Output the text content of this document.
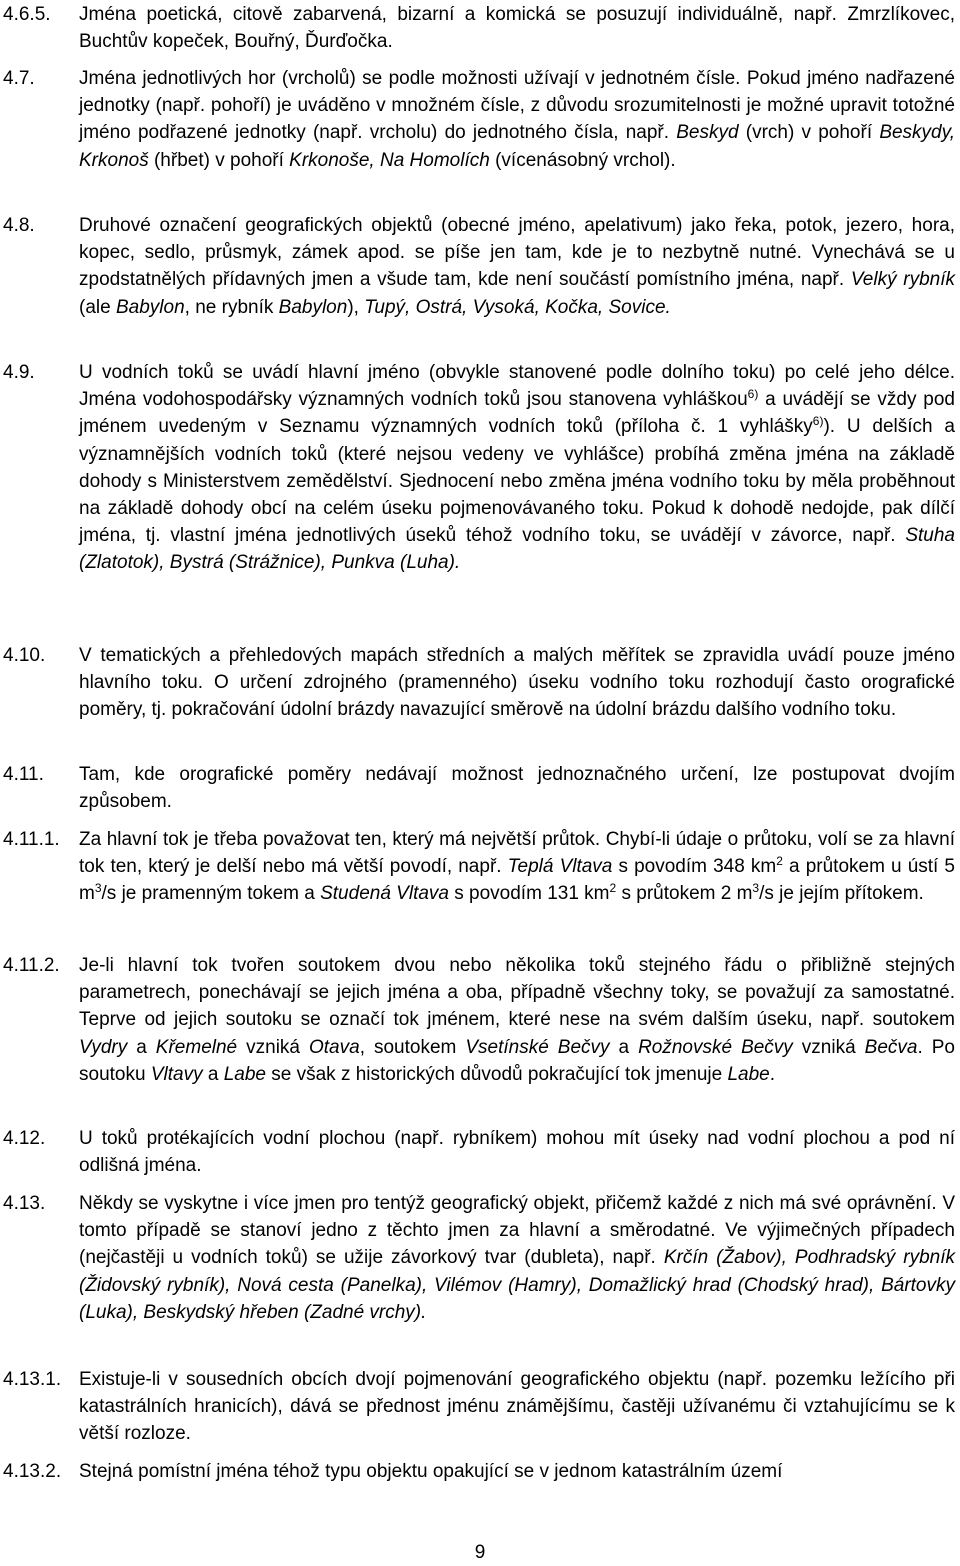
4.6.5. Jména poetická, citově zabarvená, bizarní a komická se posuzují individuálně, např. Zmrzlíkovec, Buchtův kopeček, Bouřný, Ďurďočka.
4.7. Jména jednotlivých hor (vrcholů) se podle možnosti užívají v jednotném čísle. Pokud jméno nadřazené jednotky (např. pohoří) je uváděno v množném čísle, z důvodu srozumitelnosti je možné upravit totožné jméno podřazené jednotky (např. vrcholu) do jednotného čísla, např. Beskyd (vrch) v pohoří Beskydy, Krkonoš (hřbet) v pohoří Krkonoše, Na Homolích (vícenásobný vrchol).
4.8. Druhové označení geografických objektů (obecné jméno, apelativum) jako řeka, potok, jezero, hora, kopec, sedlo, průsmyk, zámek apod. se píše jen tam, kde je to nezbytně nutné. Vynechává se u zpodstatnělých přídavných jmen a všude tam, kde není součástí pomístního jména, např. Velký rybník (ale Babylon, ne rybník Babylon), Tupý, Ostrá, Vysoká, Kočka, Sovice.
4.9. U vodních toků se uvádí hlavní jméno (obvykle stanovené podle dolního toku) po celé jeho délce. Jména vodohospodářsky významných vodních toků jsou stanovena vyhláškou$^{6)}$ a uvádějí se vždy pod jménem uvedeným v Seznamu významných vodních toků (příloha č. 1 vyhlášky$^{6)}$). U delších a významnějších vodních toků (které nejsou vedeny ve vyhlášce) probíhá změna jména na základě dohody s Ministerstvem zemědělství. Sjednocení nebo změna jména vodního toku by měla proběhnout na základě dohody obcí na celém úseku pojmenovávaného toku. Pokud k dohodě nedojde, pak dílčí jména, tj. vlastní jména jednotlivých úseků téhož vodního toku, se uvádějí v závorce, např. Stuha (Zlatotok), Bystrá (Strážnice), Punkva (Luha).
4.10. V tematických a přehledových mapách středních a malých měřítek se zpravidla uvádí pouze jméno hlavního toku. O určení zdrojného (pramenného) úseku vodního toku rozhodují často orografické poměry, tj. pokračování údolní brázdy navazující směrově na údolní brázdu dalšího vodního toku.
4.11. Tam, kde orografické poměry nedávají možnost jednoznačného určení, lze postupovat dvojím způsobem.
4.11.1. Za hlavní tok je třeba považovat ten, který má největší průtok. Chybí-li údaje o průtoku, volí se za hlavní tok ten, který je delší nebo má větší povodí, např. Teplá Vltava s povodím 348 $km^2$ a průtokem u ústí 5 $m^3/s$ je pramenným tokem a Studená Vltava s povodím 131 $km^2$ s průtokem 2 $m^3/s$ je jejím přítokem.
4.11.2. Je-li hlavní tok tvořen soutokem dvou nebo několika toků stejného řádu o přibližně stejných parametrech, ponechávají se jejich jména a oba, případně všechny toky, se považují za samostatné. Teprve od jejich soutoku se označí tok jménem, které nese na svém dalším úseku, např. soutokem Vydry a Křemelné vzniká Otava, soutokem Vsetínské Bečvy a Rožnovské Bečvy vzniká Bečva. Po soutoku Vltavy a Labe se však z historických důvodů pokračující tok jmenuje Labe.
4.12. U toků protékajících vodní plochou (např. rybníkem) mohou mít úseky nad vodní plochou a pod ní odlišná jména.
4.13. Někdy se vyskytne i více jmen pro tentýž geografický objekt, přičemž každé z nich má své oprávnění. V tomto případě se stanoví jedno z těchto jmen za hlavní a směrodatné. Ve výjimečných případech (nejčastěji u vodních toků) se užije závorkový tvar (dubleta), např. Krčín (Žabov), Podhradský rybník (Židovský rybník), Nová cesta (Panelka), Vilémov (Hamry), Domažlický hrad (Chodský hrad), Bártovky (Luka), Beskydský hřeben (Zadné vrchy).
4.13.1. Existuje-li v sousedních obcích dvojí pojmenování geografického objektu (např. pozemku ležícího při katastrálních hranicích), dává se přednost jménu známějšímu, častěji užívanému či vztahujícímu se k větší rozloze.
4.13.2. Stejná pomístní jména téhož typu objektu opakující se v jednom katastrálním území
9
